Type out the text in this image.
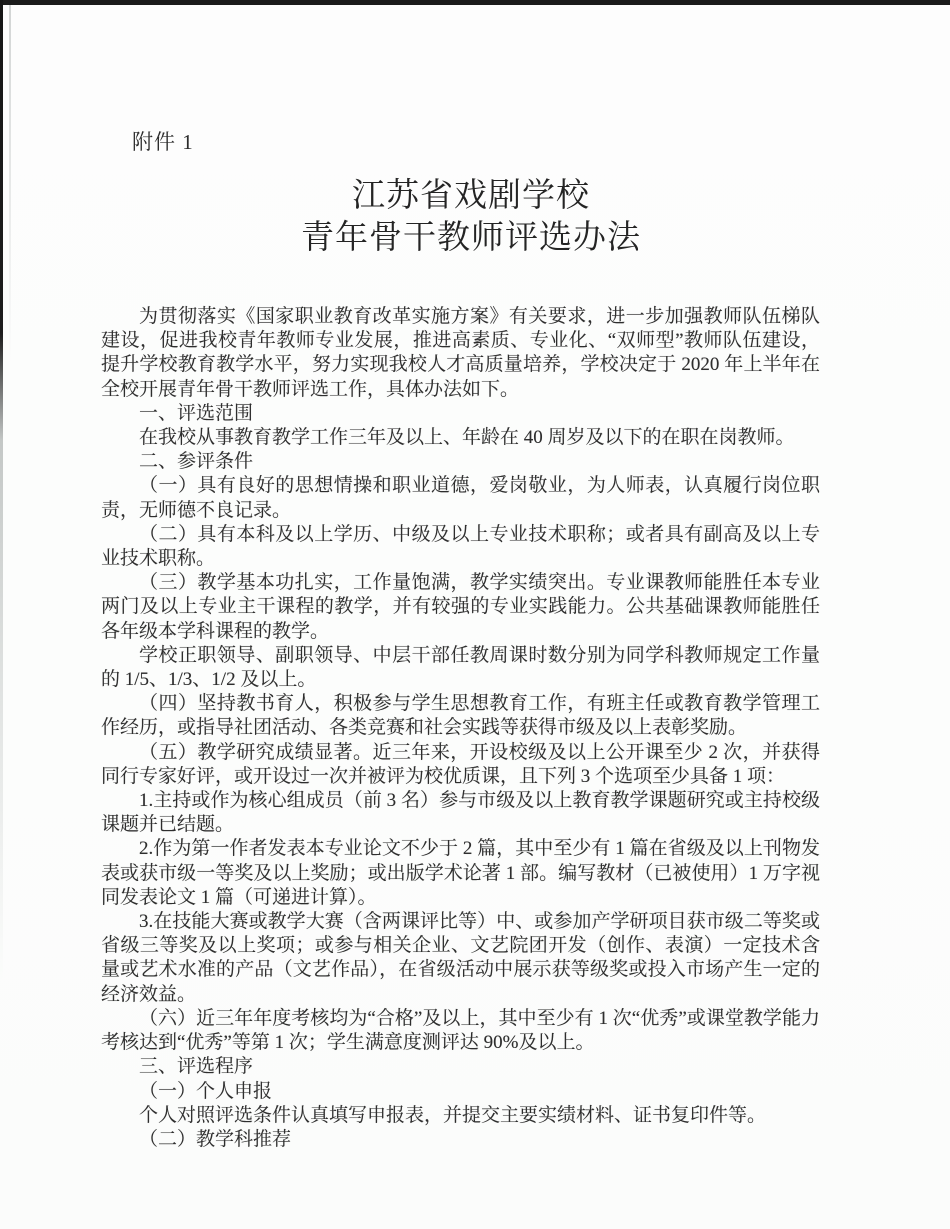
附件 1
江苏省戏剧学校
青年骨干教师评选办法

为贯彻落实《国家职业教育改革实施方案》有关要求，进一步加强教师队伍梯队建设，促进我校青年教师专业发展，推进高素质、专业化、“双师型”教师队伍建设，提升学校教育教学水平，努力实现我校人才高质量培养，学校决定于 2020 年上半年在全校开展青年骨干教师评选工作，具体办法如下。

一、评选范围

在我校从事教育教学工作三年及以上、年龄在 40 周岁及以下的在职在岗教师。

二、参评条件

（一）具有良好的思想情操和职业道德，爱岗敬业，为人师表，认真履行岗位职责，无师德不良记录。

（二）具有本科及以上学历、中级及以上专业技术职称；或者具有副高及以上专业技术职称。

（三）教学基本功扎实，工作量饱满，教学实绩突出。专业课教师能胜任本专业两门及以上专业主干课程的教学，并有较强的专业实践能力。公共基础课教师能胜任各年级本学科课程的教学。

学校正职领导、副职领导、中层干部任教周课时数分别为同学科教师规定工作量的 1/5、1/3、1/2 及以上。

（四）坚持教书育人，积极参与学生思想教育工作，有班主任或教育教学管理工作经历，或指导社团活动、各类竞赛和社会实践等获得市级及以上表彰奖励。

（五）教学研究成绩显著。近三年来，开设校级及以上公开课至少 2 次，并获得同行专家好评，或开设过一次并被评为校优质课，且下列 3 个选项至少具备 1 项：

1.主持或作为核心组成员（前 3 名）参与市级及以上教育教学课题研究或主持校级课题并已结题。

2.作为第一作者发表本专业论文不少于 2 篇，其中至少有 1 篇在省级及以上刊物发表或获市级一等奖及以上奖励；或出版学术论著 1 部。编写教材（已被使用）1 万字视同发表论文 1 篇（可递进计算）。

3.在技能大赛或教学大赛（含两课评比等）中、或参加产学研项目获市级二等奖或省级三等奖及以上奖项；或参与相关企业、文艺院团开发（创作、表演）一定技术含量或艺术水准的产品（文艺作品），在省级活动中展示获等级奖或投入市场产生一定的经济效益。

（六）近三年年度考核均为“合格”及以上，其中至少有 1 次“优秀”或课堂教学能力考核达到“优秀”等第 1 次；学生满意度测评达 90%及以上。

三、评选程序

（一）个人申报

个人对照评选条件认真填写申报表，并提交主要实绩材料、证书复印件等。

（二）教学科推荐
